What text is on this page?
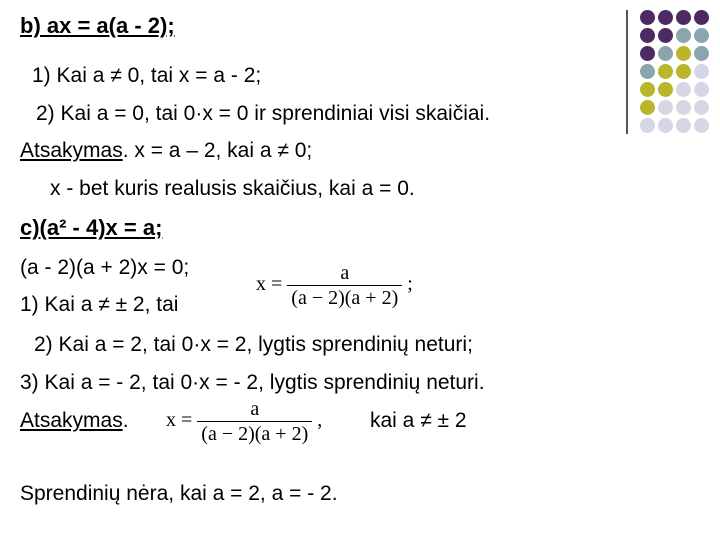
b) ax = a(a - 2);
1) Kai a ≠ 0, tai x = a - 2;
2) Kai a = 0, tai 0·x = 0 ir sprendiniai visi skaičiai.
Atsakymas. x = a – 2, kai a ≠ 0;
x - bet kuris realusis skaičius, kai a = 0.
c)(a² - 4)x = a;
(a - 2)(a + 2)x = 0;
1) Kai a ≠ ± 2, tai
$x = \frac{a}{(a - 2)(a + 2)}$ ;
2) Kai a = 2, tai 0·x = 2, lygtis sprendinių neturi;
3) Kai a = - 2, tai 0·x = - 2, lygtis sprendinių neturi.
Atsakymas. $x = \frac{a}{(a - 2)(a + 2)}$ , kai a ≠ ± 2
Sprendinių nėra, kai a = 2, a = - 2.
